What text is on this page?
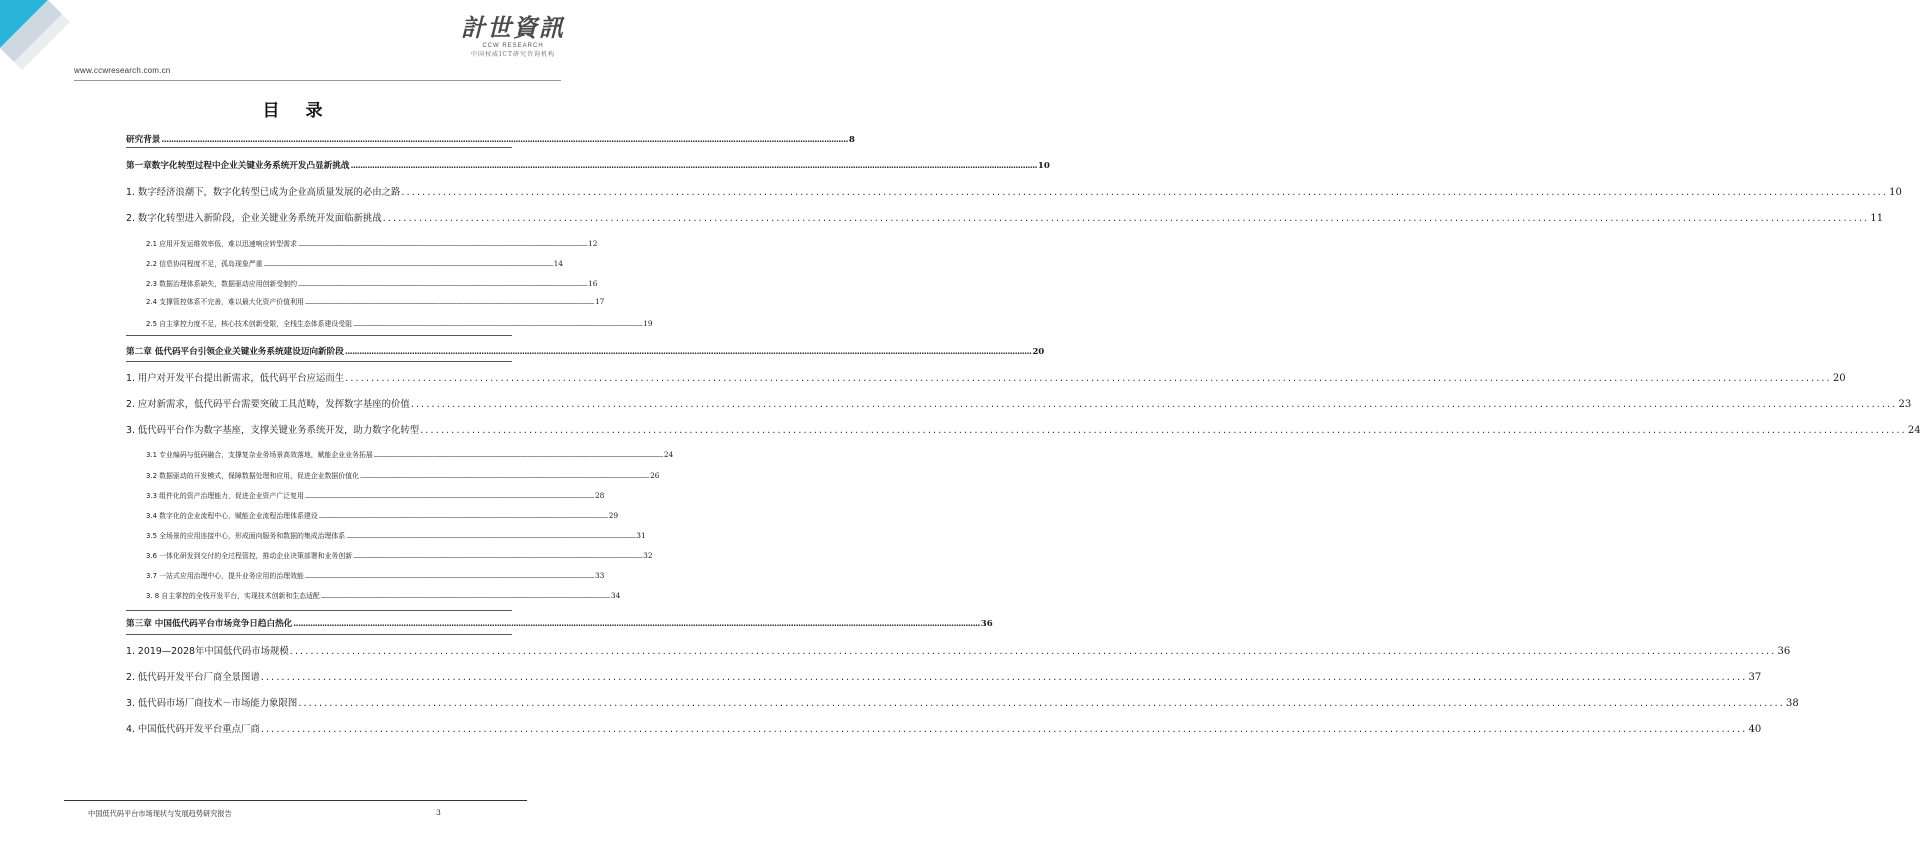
www.ccwresearch.com.cn
計世資訊
CCW RESEARCH
中国权威ICT研究咨询机构
目 录
研究背景 .....	8
第一章数字化转型过程中企业关键业务系统开发凸显新挑战 .....	10
1. 数字经济浪潮下，数字化转型已成为企业高质量发展的必由之路 .....	10
2. 数字化转型进入新阶段，企业关键业务系统开发面临新挑战 .....	11
2.1 应用开发运维效率低，难以迅速响应转型需求 .....	12
2.2 信息协同程度不足，孤岛现象严重 .....	14
2.3 数据治理体系缺失，数据驱动应用创新受制约 .....	16
2.4 支撑管控体系不完善，难以最大化资产价值利用 .....	17
2.5 自主掌控力度不足，核心技术创新受限，全栈生态体系建设受阻 .....	19
第二章 低代码平台引领企业关键业务系统建设迈向新阶段 .....	20
1. 用户对开发平台提出新需求，低代码平台应运而生 .....	20
2. 应对新需求，低代码平台需要突破工具范畴，发挥数字基座的价值 .....	23
3. 低代码平台作为数字基座，支撑关键业务系统开发，助力数字化转型 .....	24
3.1 专业编码与低码融合，支撑复杂业务场景高效落地，赋能企业业务拓展 .....	24
3.2 数据驱动的开发模式，保障数据处理和应用，促进企业数据价值化 .....	26
3.3 组件化的资产治理能力，促进企业资产广泛复用 .....	28
3.4 数字化的企业流程中心，赋能企业流程治理体系建设 .....	29
3.5 全场景的应用连接中心，形成面向服务和数据的集成治理体系 .....	31
3.6 一体化研发到交付的全过程管控，推动企业决策部署和业务创新 .....	32
3.7 一站式应用治理中心，提升业务应用的治理效能 .....	33
3. 8 自主掌控的全栈开发平台，实现技术创新和生态适配 .....	34
第三章 中国低代码平台市场竞争日趋白热化 .....	36
1. 2019—2028年中国低代码市场规模 .....	36
2. 低代码开发平台厂商全景图谱 .....	37
3. 低代码市场厂商技术－市场能力象限图 .....	38
4. 中国低代码开发平台重点厂商 .....	40
中国低代码平台市场现状与发展趋势研究报告	3
